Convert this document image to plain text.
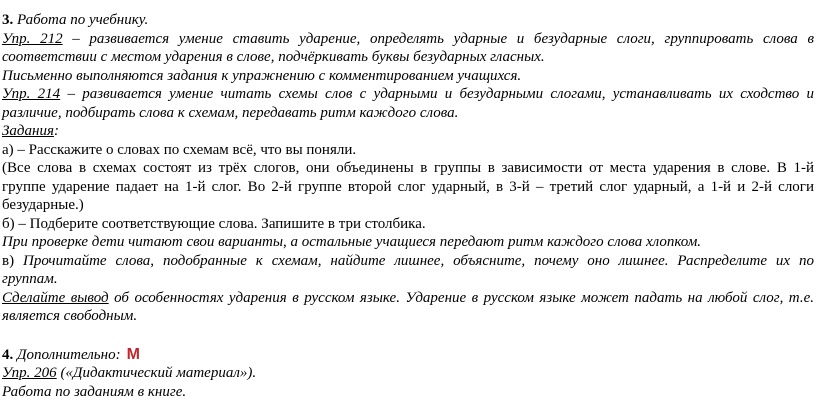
3. Работа по учебнику.
Упр. 212 – развивается умение ставить ударение, определять ударные и безударные слоги, группировать слова в
соответствии с местом ударения в слове, подчёркивать буквы безударных гласных.
Письменно выполняются задания к упражнению с комментированием учащихся.
Упр. 214 – развивается умение читать схемы слов с ударными и безударными слогами, устанавливать их сходство и
различие, подбирать слова к схемам, передавать ритм каждого слова.
Задания:
а) – Расскажите о словах по схемам всё, что вы поняли.
(Все слова в схемах состоят из трёх слогов, они объединены в группы в зависимости от места ударения в слове. В 1-й
группе ударение падает на 1-й слог. Во 2-й группе второй слог ударный, в 3-й – третий слог ударный, а 1-й и 2-й слоги
безударные.)
б) – Подберите соответствующие слова. Запишите в три столбика.
При проверке дети читают свои варианты, а остальные учащиеся передают ритм каждого слова хлопком.
в) Прочитайте слова, подобранные к схемам, найдите лишнее, объясните, почему оно лишнее. Распределите их по
группам.
Сделайте вывод об особенностях ударения в русском языке. Ударение в русском языке может падать на любой слог, т.е.
является свободным.
4. Дополнительно: М
Упр. 206 («Дидактический материал»).
Работа по заданиям в книге.
